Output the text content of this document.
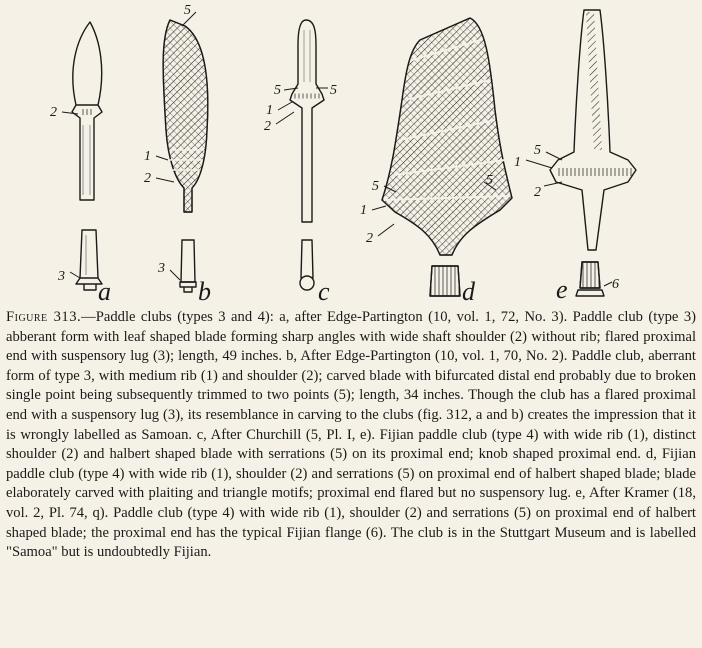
2
3
5
1
2
3
5	5
1
2
5	5
1
2
5
1
2
6
a	b	c	d	e

Figure 313.—Paddle clubs (types 3 and 4): a, after Edge-Partington (10, vol. 1, 72, No. 3). Paddle club (type 3) abberant form with leaf shaped blade forming sharp angles with wide shaft shoulder (2) without rib; flared proximal end with suspensory lug (3); length, 49 inches. b, After Edge-Partington (10, vol. 1, 70, No. 2). Paddle club, aberrant form of type 3, with medium rib (1) and shoulder (2); carved blade with bifurcated distal end probably due to broken single point being subsequently trimmed to two points (5); length, 34 inches. Though the club has a flared proximal end with a suspensory lug (3), its resemblance in carving to the clubs (fig. 312, a and b) creates the impression that it is wrongly labelled as Samoan. c, After Churchill (5, Pl. I, e). Fijian paddle club (type 4) with wide rib (1), distinct shoulder (2) and halbert shaped blade with serrations (5) on its proximal end; knob shaped proximal end. d, Fijian paddle club (type 4) with wide rib (1), shoulder (2) and serrations (5) on proximal end of halbert shaped blade; blade elaborately carved with plaiting and triangle motifs; proximal end flared but no suspensory lug. e, After Kramer (18, vol. 2, Pl. 74, q). Paddle club (type 4) with wide rib (1), shoulder (2) and serrations (5) on proximal end of halbert shaped blade; the proximal end has the typical Fijian flange (6). The club is in the Stuttgart Museum and is labelled "Samoa" but is undoubtedly Fijian.
